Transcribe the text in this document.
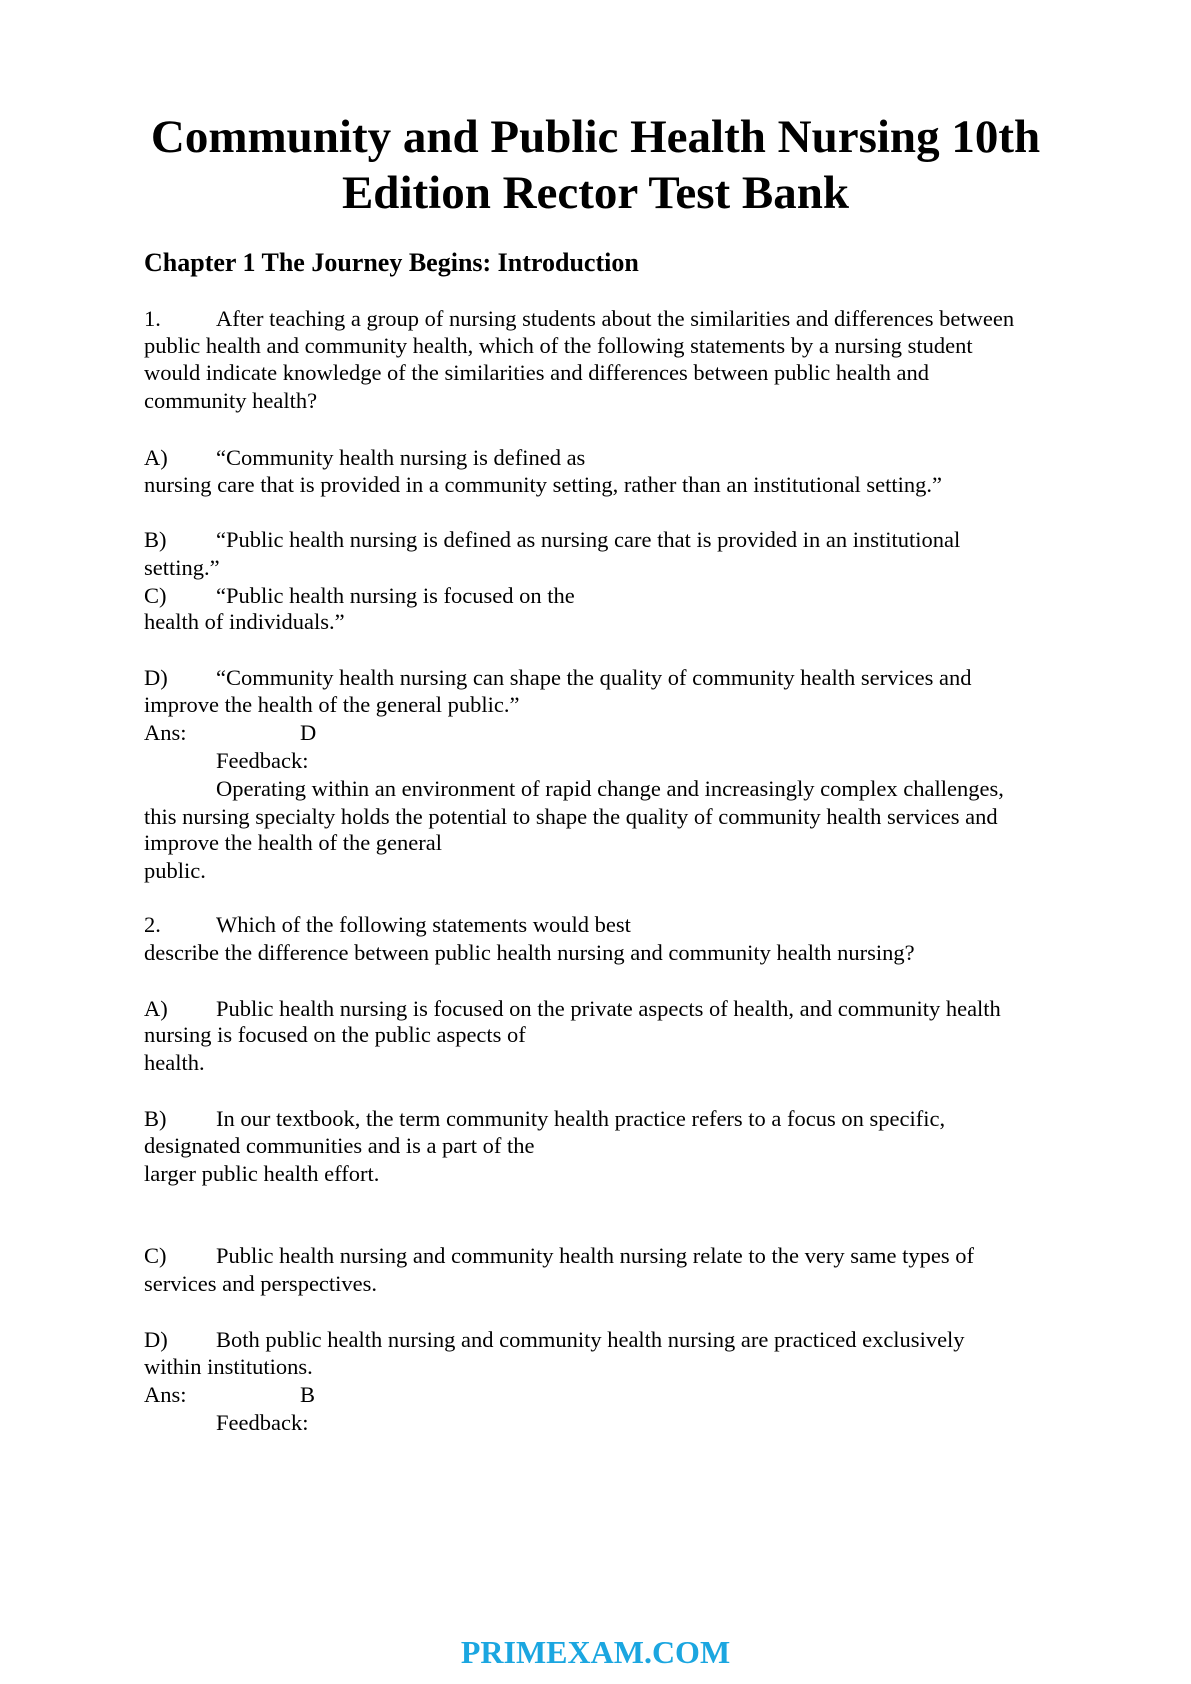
Community and Public Health Nursing 10th
Edition Rector Test Bank
Chapter 1 The Journey Begins: Introduction
1. After teaching a group of nursing students about the similarities and differences between
public health and community health, which of the following statements by a nursing student
would indicate knowledge of the similarities and differences between public health and
community health?
A) “Community health nursing is defined as
nursing care that is provided in a community setting, rather than an institutional setting.”
B) “Public health nursing is defined as nursing care that is provided in an institutional
setting.”
C) “Public health nursing is focused on the
health of individuals.”
D) “Community health nursing can shape the quality of community health services and
improve the health of the general public.”
Ans:	D
Feedback:
Operating within an environment of rapid change and increasingly complex challenges,
this nursing specialty holds the potential to shape the quality of community health services and
improve the health of the general
public.
2. Which of the following statements would best
describe the difference between public health nursing and community health nursing?
A) Public health nursing is focused on the private aspects of health, and community health
nursing is focused on the public aspects of
health.
B) In our textbook, the term community health practice refers to a focus on specific,
designated communities and is a part of the
larger public health effort.
C) Public health nursing and community health nursing relate to the very same types of
services and perspectives.
D) Both public health nursing and community health nursing are practiced exclusively
within institutions.
Ans:	B
Feedback:
PRIMEXAM.COM
